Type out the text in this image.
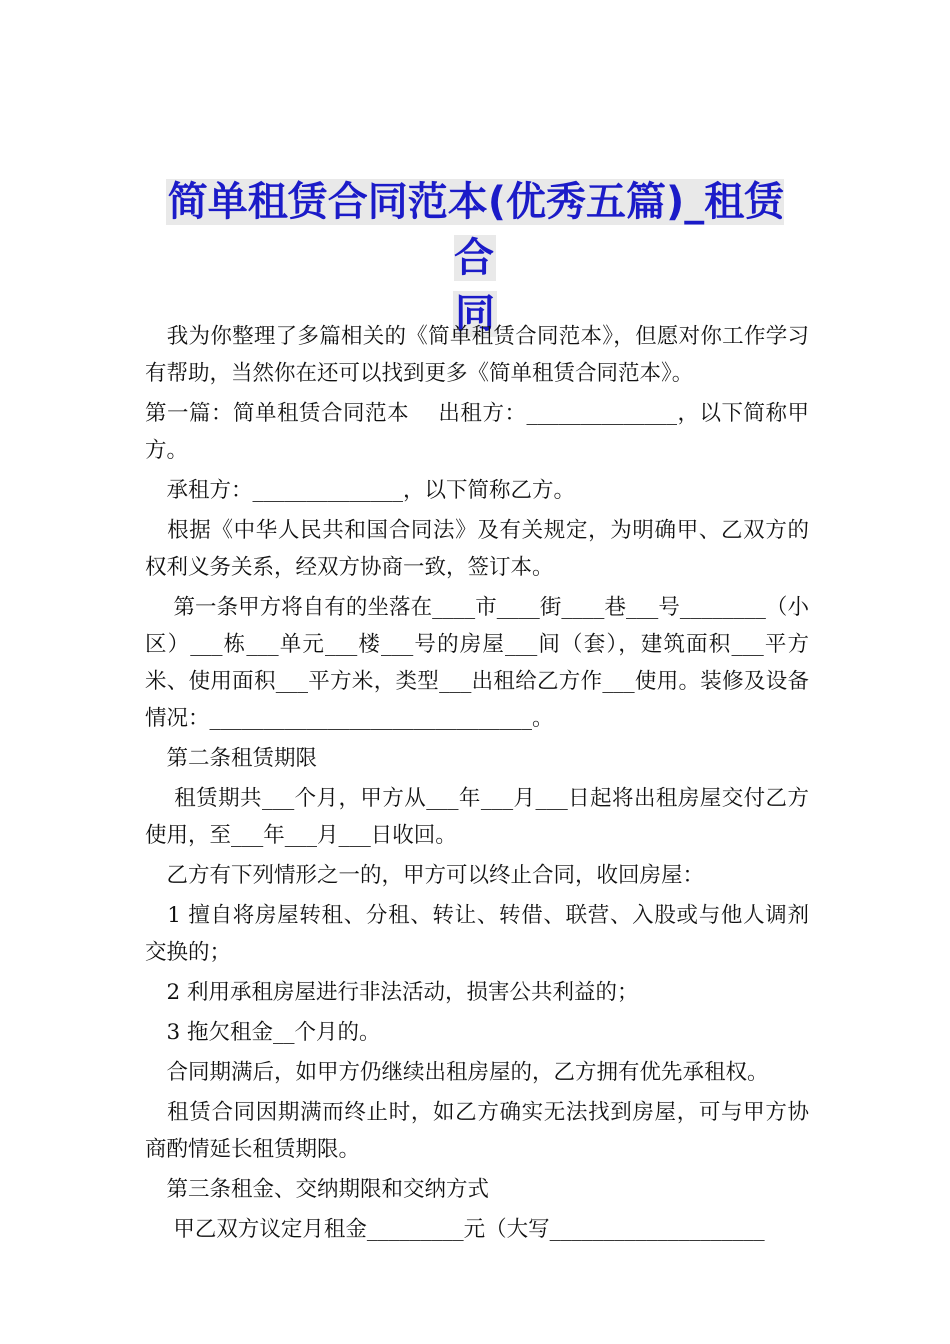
简单租赁合同范本(优秀五篇)_租赁合
同

　我为你整理了多篇相关的《简单租赁合同范本》，但愿对你工作学习有帮助，当然你在还可以找到更多《简单租赁合同范本》。

第一篇：简单租赁合同范本　 出租方：______________，以下简称甲方。

　承租方：______________，以下简称乙方。

　根据《中华人民共和国合同法》及有关规定，为明确甲、乙双方的权利义务关系，经双方协商一致，签订本。

　 第一条甲方将自有的坐落在____市____街____巷___号________（小区）___栋___单元___楼___号的房屋___间（套），建筑面积___平方米、使用面积___平方米，类型___出租给乙方作___使用。装修及设备情况：______________________________。

　第二条租赁期限

　 租赁期共___个月，甲方从___年___月___日起将出租房屋交付乙方使用，至___年___月___日收回。

　乙方有下列情形之一的，甲方可以终止合同，收回房屋：

　1 擅自将房屋转租、分租、转让、转借、联营、入股或与他人调剂交换的；

　2 利用承租房屋进行非法活动，损害公共利益的；

　3 拖欠租金__个月的。

　合同期满后，如甲方仍继续出租房屋的，乙方拥有优先承租权。

　租赁合同因期满而终止时，如乙方确实无法找到房屋，可与甲方协商酌情延长租赁期限。

　第三条租金、交纳期限和交纳方式

　 甲乙双方议定月租金_________元（大写____________________
